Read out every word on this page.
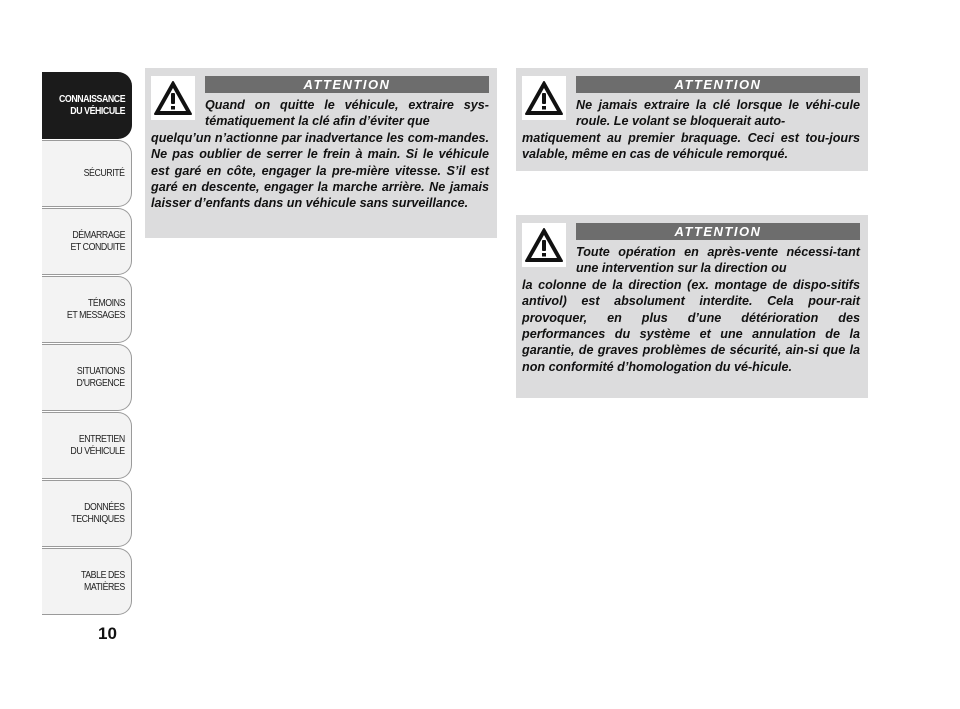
CONNAISSANCE
DU VÉHICULE
SÉCURITÉ
DÉMARRAGE
ET CONDUITE
TÉMOINS
ET MESSAGES
SITUATIONS
D'URGENCE
ENTRETIEN
DU VÉHICULE
DONNÉES
TECHNIQUES
TABLE DES
MATIÈRES
10
ATTENTION
Quand on quitte le véhicule, extraire sys-tématiquement la clé afin d’éviter que
quelqu’un n’actionne par inadvertance les com-mandes. Ne pas oublier de serrer le frein à main. Si le véhicule est garé en côte, engager la pre-mière vitesse. S’il est garé en descente, engager la marche arrière. Ne jamais laisser d’enfants dans un véhicule sans surveillance.
ATTENTION
Ne jamais extraire la clé lorsque le véhi-cule roule. Le volant se bloquerait auto-
matiquement au premier braquage. Ceci est tou-jours valable, même en cas de véhicule remorqué.
ATTENTION
Toute opération en après-vente nécessi-tant une intervention sur la direction ou
la colonne de la direction (ex. montage de dispo-sitifs antivol) est absolument interdite. Cela pour-rait provoquer, en plus d’une détérioration des performances du système et une annulation de la garantie, de graves problèmes de sécurité, ain-si que la non conformité d’homologation du vé-hicule.
